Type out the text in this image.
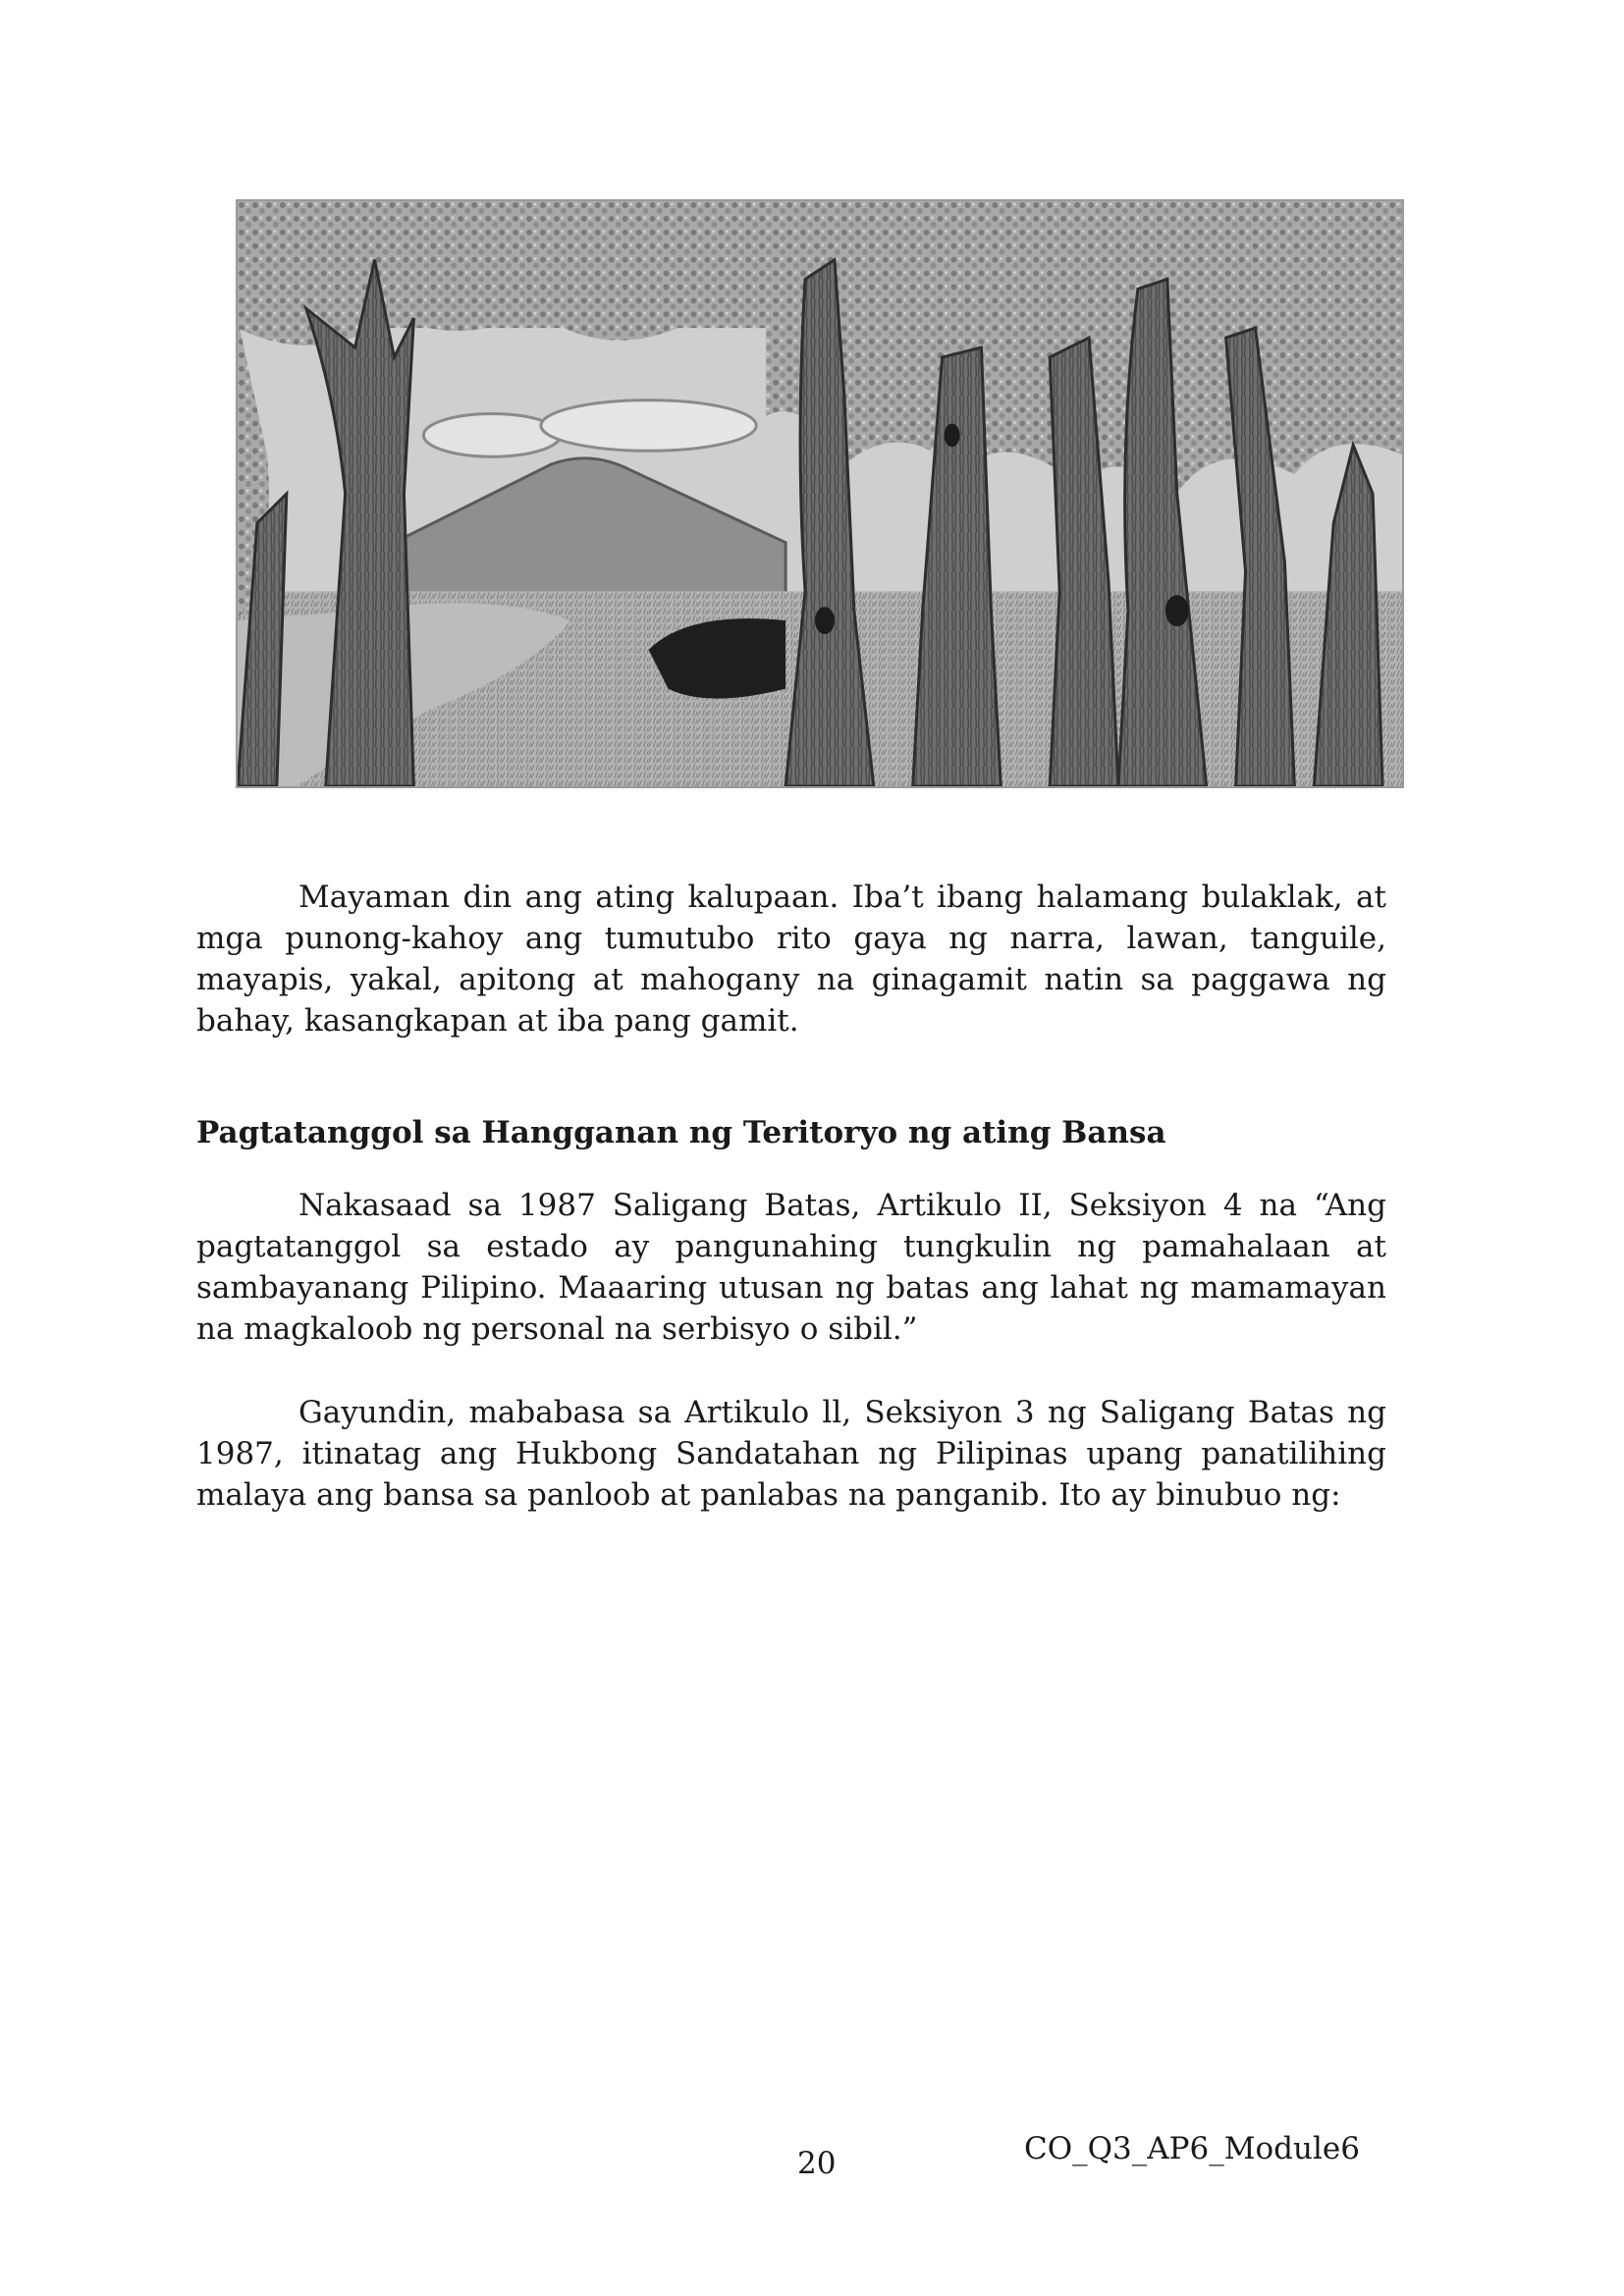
Mayaman din ang ating kalupaan. Iba’t ibang halamang bulaklak, at mga punong-kahoy ang tumutubo rito gaya ng narra, lawan, tanguile, mayapis, yakal, apitong at mahogany na ginagamit natin sa paggawa ng bahay, kasangkapan at iba pang gamit.

Pagtatanggol sa Hangganan ng Teritoryo ng ating Bansa

Nakasaad sa 1987 Saligang Batas, Artikulo II, Seksiyon 4 na “Ang pagtatanggol sa estado ay pangunahing tungkulin ng pamahalaan at sambayanang Pilipino. Maaaring utusan ng batas ang lahat ng mamamayan na magkaloob ng personal na serbisyo o sibil.”

Gayundin, mababasa sa Artikulo ll, Seksiyon 3 ng Saligang Batas ng 1987, itinatag ang Hukbong Sandatahan ng Pilipinas upang panatilihing malaya ang bansa sa panloob at panlabas na panganib. Ito ay binubuo ng:

20	CO_Q3_AP6_Module6
